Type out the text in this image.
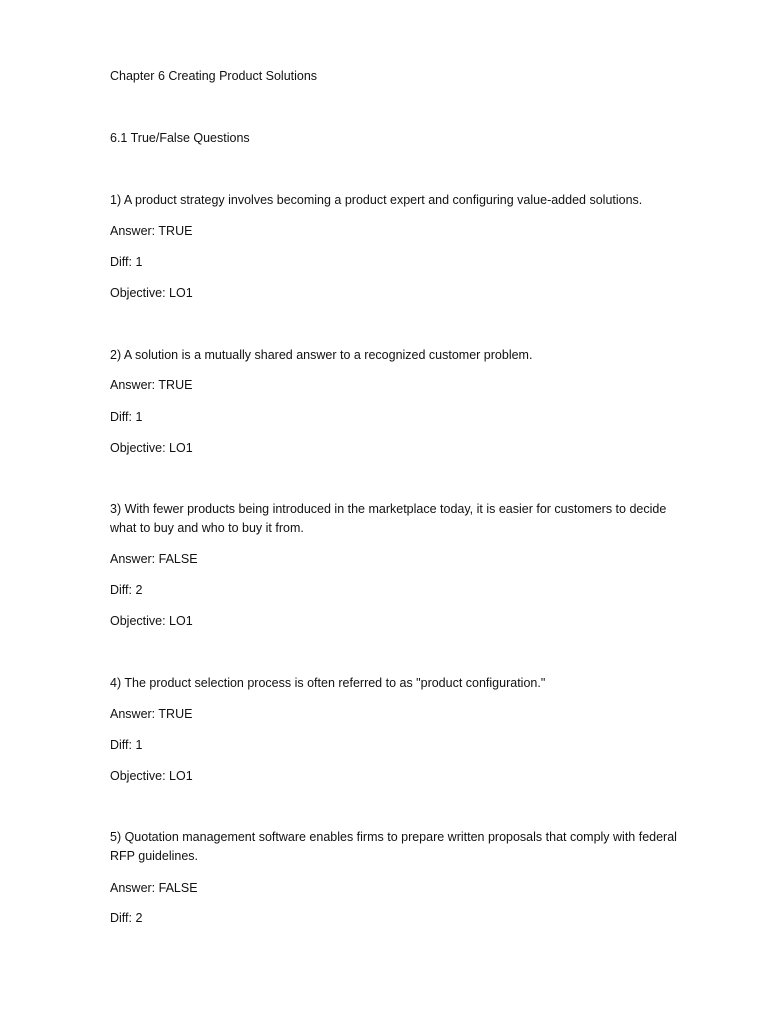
Chapter 6 Creating Product Solutions
6.1 True/False Questions
1) A product strategy involves becoming a product expert and configuring value-added solutions.
Answer: TRUE
Diff: 1
Objective: LO1
2) A solution is a mutually shared answer to a recognized customer problem.
Answer: TRUE
Diff: 1
Objective: LO1
3) With fewer products being introduced in the marketplace today, it is easier for customers to decide
what to buy and who to buy it from.
Answer: FALSE
Diff: 2
Objective: LO1
4) The product selection process is often referred to as "product configuration."
Answer: TRUE
Diff: 1
Objective: LO1
5) Quotation management software enables firms to prepare written proposals that comply with federal
RFP guidelines.
Answer: FALSE
Diff: 2
